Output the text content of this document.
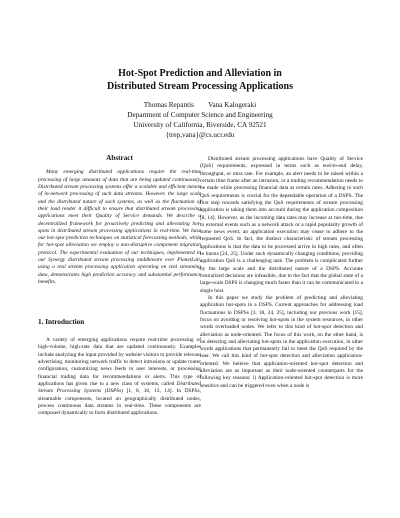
Hot-Spot Prediction and Alleviation in
Distributed Stream Processing Applications
Thomas Repantis        Vana Kalogeraki
Department of Computer Science and Engineering
University of California, Riverside, CA 92521
{trep,vana}@cs.ucr.edu
Abstract

Many emerging distributed applications require the real-time processing of large amounts of data that are being updated continuously. Distributed stream processing systems offer a scalable and efficient means of in-network processing of such data streams. However, the large scale and the distributed nature of such systems, as well as the fluctuation of their load render it difficult to ensure that distributed stream processing applications meet their Quality of Service demands. We describe a decentralized framework for proactively predicting and alleviating hot-spots in distributed stream processing applications in real-time. We base our hot-spot prediction techniques on statistical forecasting methods, while for hot-spot alleviation we employ a non-disruptive component migration protocol. The experimental evaluation of our techniques, implemented in our Synergy distributed stream processing middleware over PlanetLab, using a real stream processing application operating on real streaming data, demonstrates high prediction accuracy and substantial performance benefits.

1. Introduction

A variety of emerging applications require real-time processing of high-volume, high-rate data that are updated continuously. Examples include analyzing the input provided by website visitors to provide relevant advertising, monitoring network traffic to detect intrusions or update router configuration, customizing news feeds to user interests, or processing financial trading data for recommendations or alerts. This type of applications has given rise to a new class of systems, called Distributed Stream Processing Systems (DSPSs) [1, 8, 10, 13, 14]. In DSPSs, streamable components, located on geographically distributed nodes, process continuous data streams in real-time. These components are composed dynamically to form distributed applications.

Distributed stream processing applications have Quality of Service (QoS) requirements, expressed in terms such as end-to-end delay, throughput, or miss rate. For example, an alert needs to be raised within a certain time frame after an intrusion, or a trading recommendation needs to be made while processing financial data at certain rates. Adhering to such QoS requirements is crucial for the dependable operation of a DSPS. The first step towards satisfying the QoS requirements of stream processing application is taking them into account during the application composition [8, 14]. However, as the incoming data rates may increase at run-time, due to external events such as a network attack or a rapid popularity growth of some news event, an application execution may cease to adhere to the requested QoS. In fact, the distinct characteristic of stream processing applications is that the data to be processed arrive in high rates, and often in bursts [24, 25]. Under such dynamically changing conditions, providing application QoS is a challenging task. The problem is complicated further by the large scale and the distributed nature of a DSPS. Accurate centralized decisions are infeasible, due to the fact that the global state of a large-scale DSPS is changing much faster than it can be communicated to a single host.

In this paper we study the problem of predicting and alleviating application hot-spots in a DSPS. Current approaches for addressing load fluctuations in DSPSs [3, 18, 24, 25], including our previous work [15], focus on avoiding or resolving hot-spots in the system resources, in other words overloaded nodes. We refer to this kind of hot-spot detection and alleviation as node-oriented. The focus of this work, on the other hand, is on detecting and alleviating hot-spots in the application execution, in other words applications that permanently fail to meet the QoS required by the user. We call this kind of hot-spot detection and alleviation application-oriented. We believe that application-oriented hot-spot detection and alleviation are as important as their node-oriented counterparts for the following key reasons: i) Application-oriented hot-spot detection is more sensitive and can be triggered even when a node is
